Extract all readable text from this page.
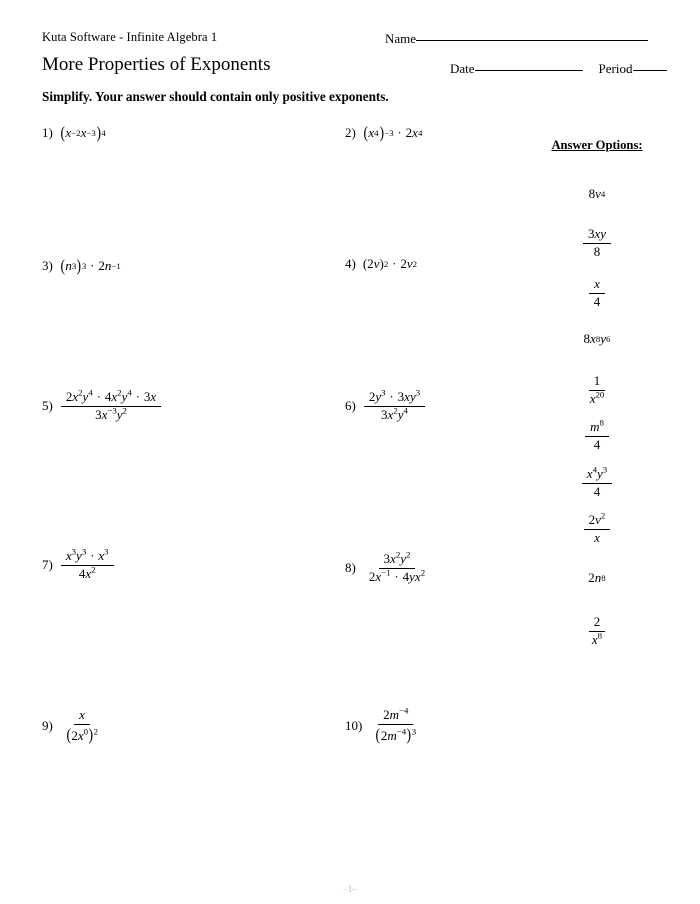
Kuta Software - Infinite Algebra 1
More Properties of Exponents
Name
Date	Period
Simplify. Your answer should contain only positive exponents.
1) ( x −2 x −3 ) 4	2) ( x 4 ) −3 · 2 x 4
3) ( n 3 ) 3 · 2 n −1	4) (2 v ) 2 · 2 v 2
$5) \frac{2x^2y^4 \cdot 4x^2y^4 \cdot 3x}{3x^{-3}y^2}$	$6) \frac{2y^3 \cdot 3xy^3}{3x^2y^4}$
$7) \frac{x^3y^3 \cdot x^3}{4x^2}$	$8) \frac{3x^2y^2}{2x^{-1} \cdot 4yx^2}$
$9) \frac{x}{(2x^0)^2}$	$10) \frac{2m^{-4}}{(2m^{-4})^3}$
Answer Options:
8 v 4
$\frac{3xy}{8}$
$\frac{x}{4}$
8 x 8 y 6
$\frac{1}{x^{20}}$
$\frac{m^8}{4}$
$\frac{x^4y^3}{4}$
$\frac{2v^2}{x}$
2 n 8
$\frac{2}{x^8}$
–1–
